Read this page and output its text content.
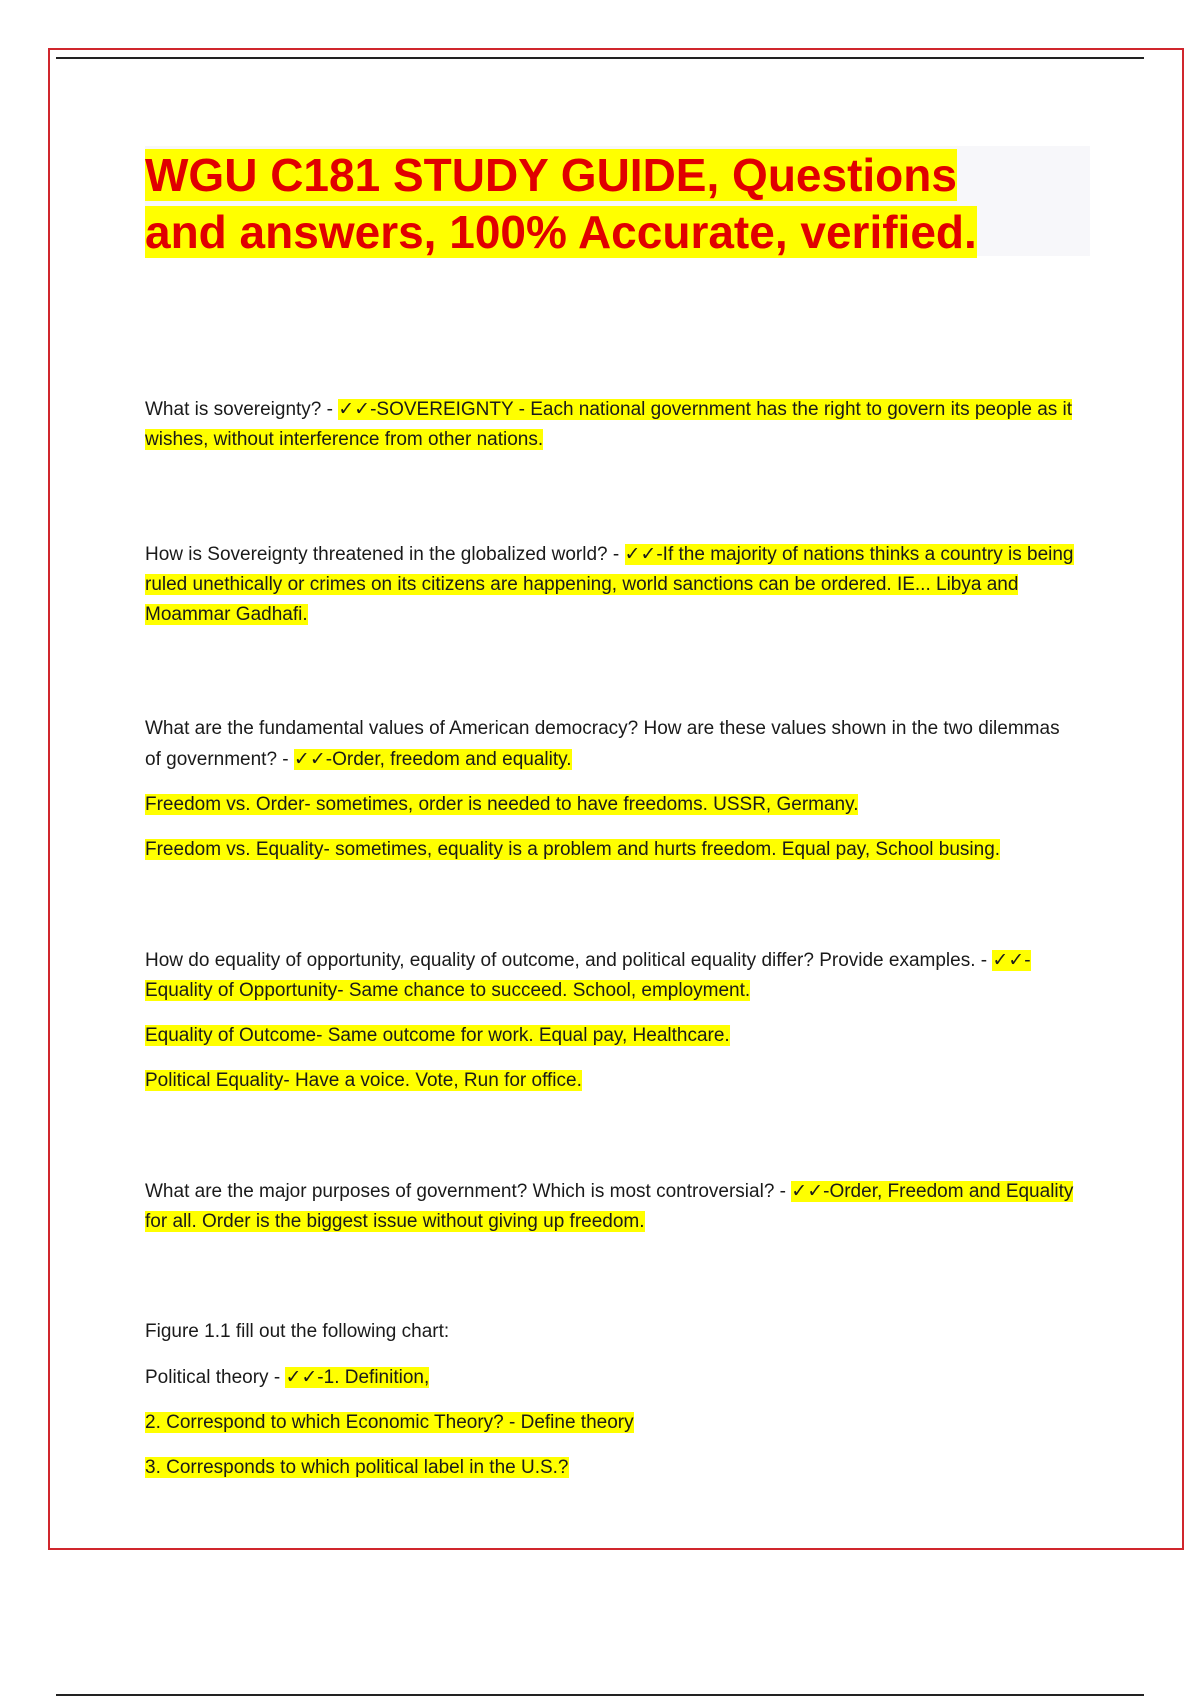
WGU C181 STUDY GUIDE, Questions
and answers, 100% Accurate, verified.

What is sovereignty? - ✓✓-SOVEREIGNTY - Each national government has the right to govern its people as it wishes, without interference from other nations.

How is Sovereignty threatened in the globalized world? - ✓✓-If the majority of nations thinks a country is being ruled unethically or crimes on its citizens are happening, world sanctions can be ordered. IE... Libya and Moammar Gadhafi.

What are the fundamental values of American democracy? How are these values shown in the two dilemmas of government? - ✓✓-Order, freedom and equality.

Freedom vs. Order- sometimes, order is needed to have freedoms. USSR, Germany.

Freedom vs. Equality- sometimes, equality is a problem and hurts freedom. Equal pay, School busing.

How do equality of opportunity, equality of outcome, and political equality differ? Provide examples. - ✓✓-Equality of Opportunity- Same chance to succeed. School, employment.

Equality of Outcome- Same outcome for work. Equal pay, Healthcare.

Political Equality- Have a voice. Vote, Run for office.

What are the major purposes of government? Which is most controversial? - ✓✓-Order, Freedom and Equality for all. Order is the biggest issue without giving up freedom.

Figure 1.1 fill out the following chart:

Political theory - ✓✓-1. Definition,

2. Correspond to which Economic Theory? - Define theory

3. Corresponds to which political label in the U.S.?
